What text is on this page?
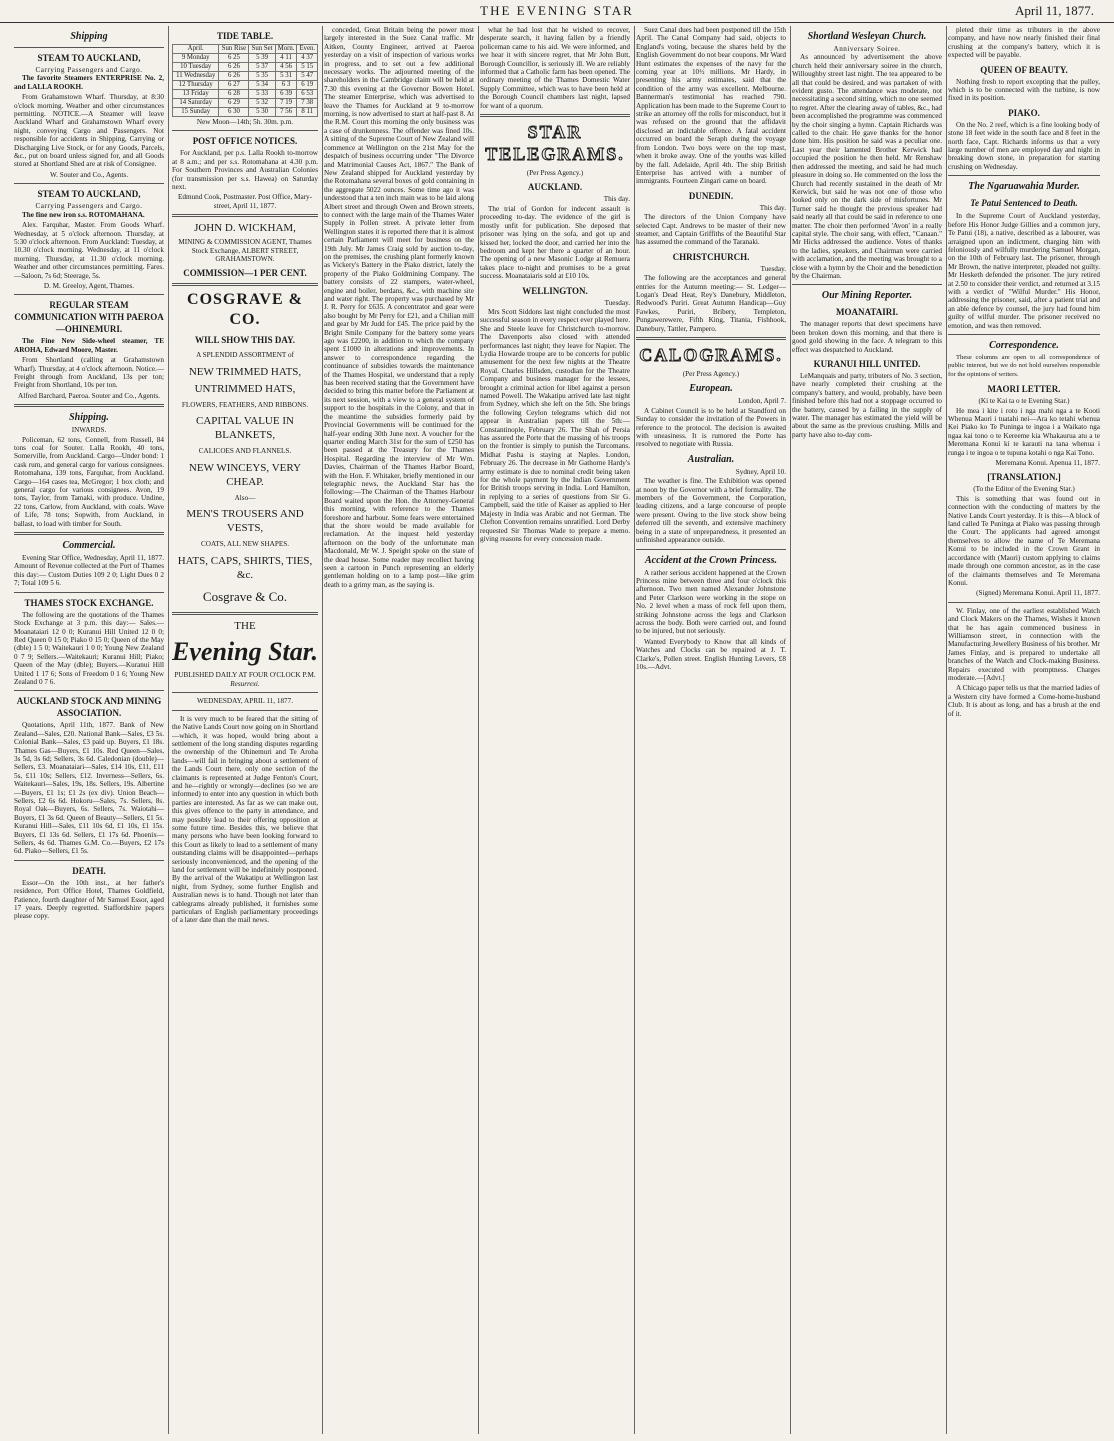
THE EVENING STAR	April 11, 1877.
Shipping
STEAM TO AUCKLAND,
Carrying Passengers and Cargo.

The favorite Steamers ENTERPRISE No. 2, and LALLA ROOKH.

From Grahamstown Wharf. Thursday, at 8:30 o'clock morning. Weather and other circumstances permitting. NOTICE.—A Steamer will leave Auckland Wharf and Grahamstown Wharf every night, conveying Cargo and Passengers. Not responsible for accidents in Shipping, Carrying or Discharging Live Stock, or for any Goods, Parcels, &c., put on board unless signed for, and all Goods stored at Shortland Shed are at risk of Consignee.

W. Souter and Co., Agents.
STEAM TO AUCKLAND,
Carrying Passengers and Cargo.

The fine new iron s.s. ROTOMAHANA.

Alex. Farquhar, Master. From Goods Wharf. Wednesday, at 5 o'clock afternoon. Thursday, at 5:30 o'clock afternoon. From Auckland: Tuesday, at 10.30 o'clock morning. Wednesday, at 11 o'clock morning. Thursday, at 11.30 o'clock morning. Weather and other circumstances permitting. Fares.—Saloon, 7s 6d; Steerage, 5s.

D. M. Greeloy, Agent, Thames.
REGULAR STEAM COMMUNICATION WITH PAEROA—OHINEMURI.

The Fine New Side-wheel steamer, TE AROHA, Edward Moore, Master.

From Shortland (calling at Grahamstown Wharf). Thursday, at 4 o'clock afternoon. Notice.—Freight through from Auckland, 13s per ton; Freight from Shortland, 10s per ton.

Alfred Barchard, Paeroa. Souter and Co., Agents.
Shipping.
INWARDS.

Policeman, 62 tons, Connell, from Russell, 84 tons coal for Souter. Lalla Rookh, 40 tons, Somerville, from Auckland. Cargo—Under bond: 1 cask rum, and general cargo for various consignees. Rotomahana, 139 tons, Farquhar, from Auckland. Cargo—164 cases tea, McGregor; 1 box cloth; and general cargo for various consignees. Avon, 19 tons, Taylor, from Tamaki, with produce. Undine, 22 tons, Carlow, from Auckland, with coals. Wave of Life, 78 tons; Sopwith, from Auckland, in ballast, to load with timber for South.

Commercial.

Evening Star Office, Wednesday, April 11, 1877. Amount of Revenue collected at the Port of Thames this day:— Custom Duties 109 2 0; Light Dues 0 2 7; Total 109 5 6.

THAMES STOCK EXCHANGE.

The following are the quotations of the Thames Stock Exchange at 3 p.m. this day:— Sales.—Moanataiari 12 0 0; Kuranui Hill United 12 0 0; Red Queen 0 15 0; Piako 0 15 0; Queen of the May (dble) 1 5 0; Waitekauri 1 0 0; Young New Zealand 0 7 9; Sellers.—Waitekauri; Kuranui Hill; Piako; Queen of the May (dble); Buyers.—Kuranui Hill United 1 17 6; Sons of Freedom 0 1 6; Young New Zealand 0 7 6.

AUCKLAND STOCK AND MINING ASSOCIATION.

Quotations, April 11th, 1877. Bank of New Zealand—Sales, £20. National Bank—Sales, £3 5s. Colonial Bank—Sales, £3 paid up. Buyers, £1 18s. Thames Gas—Buyers, £1 10s. Red Queen—Sales, 3s 5d, 3s 6d; Sellers, 3s 6d. Caledonian (double)—Sellers, £3. Moanataiari—Sales, £14 10s, £11, £11 5s, £11 10s; Sellers, £12. Inverness—Sellers, 6s. Waitekauri—Sales, 19s, 18s. Sellers, 19s. Albertine—Buyers, £1 1s; £1 2s (ex div). Union Beach—Sellers, £2 6s 6d. Hokoru—Sales, 7s. Sellers, 8s. Royal Oak—Buyers, 6s. Sellers, 7s. Waiotahi—Buyers, £1 3s 6d. Queen of Beauty—Sellers, £1 5s. Kuranui Hill—Sales, £11 10s 6d, £1 10s, £1 15s. Buyers, £1 13s 6d. Sellers, £1 17s 6d. Phoenix—Sellers, 4s 6d. Thames G.M. Co.—Buyers, £2 17s 6d. Piako—Sellers, £1 5s.

DEATH.

Essor—On the 10th inst., at her father's residence, Port Office Hotel, Thames Goldfield, Patience, fourth daughter of Mr Samuel Essor, aged 17 years. Deeply regretted. Staffordshire papers please copy.

TIDE TABLE.
April.	Sun Rise	Sun Set	Morn.	Even.
9 Monday	6 25	5 39	4 11	4 37
10 Tuesday	6 26	5 37	4 56	5 15
11 Wednesday	6 26	5 35	5 31	5 47
12 Thursday	6 27	5 34	6 3	6 19
13 Friday	6 28	5 33	6 39	6 53
14 Saturday	6 29	5 32	7 19	7 38
15 Sunday	6 30	5 30	7 56	8 11
New Moon—14th; 5h. 30m. p.m.
POST OFFICE NOTICES.

For Auckland, per p.s. Lalla Rookh to-morrow at 8 a.m.; and per s.s. Rotomahana at 4.30 p.m. For Southern Provinces and Australian Colonies (for transmission per s.s. Hawea) on Saturday next.

Edmund Cook, Postmaster. Post Office, Mary-street, April 11, 1877.
JOHN D. WICKHAM,
MINING & COMMISSION AGENT, Thames Stock Exchange, ALBERT STREET, GRAHAMSTOWN.
COMMISSION—1 PER CENT.
COSGRAVE & CO.
WILL SHOW THIS DAY.
A SPLENDID ASSORTMENT of
NEW TRIMMED HATS,
UNTRIMMED HATS,
FLOWERS, FEATHERS, AND RIBBONS.
CAPITAL VALUE IN BLANKETS,
CALICOES AND FLANNELS.
NEW WINCEYS, VERY CHEAP.
Also—
MEN'S TROUSERS AND VESTS,
COATS, ALL NEW SHAPES.
HATS, CAPS, SHIRTS, TIES, &c.
Cosgrave & Co.
THE
Evening Star.
PUBLISHED DAILY AT FOUR O'CLOCK P.M.
Resurrexi.
WEDNESDAY, APRIL 11, 1877.

It is very much to be feared that the sitting of the Native Lands Court now going on in Shortland—which, it was hoped, would bring about a settlement of the long standing disputes regarding the ownership of the Ohinemuri and Te Aroha lands—will fail in bringing about a settlement of the Lands Court there, only one section of the claimants is represented at Judge Fenton's Court, and he—rightly or wrongly—declines (so we are informed) to enter into any question in which both parties are interested. As far as we can make out, this gives offence to the party in attendance, and may possibly lead to their offering opposition at some future time. Besides this, we believe that many persons who have been looking forward to this Court as likely to lead to a settlement of many outstanding claims will be disappointed—perhaps seriously inconvenienced, and the opening of the land for settlement will be indefinitely postponed. By the arrival of the Wakatipu at Wellington last night, from Sydney, some further English and Australian news is to hand. Though not later than cablegrams already published, it furnishes some particulars of English parliamentary proceedings of a later date than the mail news.

conceded, Great Britain being the power most largely interested in the Suez Canal traffic. Mr Aitken, County Engineer, arrived at Paeroa yesterday on a visit of inspection of various works in progress, and to set out a few additional necessary works. The adjourned meeting of the shareholders in the Cambridge claim will be held at 7.30 this evening at the Governor Bowen Hotel. The steamer Enterprise, which was advertised to leave the Thames for Auckland at 9 to-morrow morning, is now advertised to start at half-past 8. At the R.M. Court this morning the only business was a case of drunkenness. The offender was fined 10s. A sitting of the Supreme Court of New Zealand will commence at Wellington on the 21st May for the despatch of business occurring under "The Divorce and Matrimonial Causes Act, 1867." The Bank of New Zealand shipped for Auckland yesterday by the Rotomahana several boxes of gold containing in the aggregate 5022 ounces. Some time ago it was understood that a ten inch main was to be laid along Albert street and through Owen and Brown streets, to connect with the large main of the Thames Water Supply in Pollen street. A private letter from Wellington states it is reported there that it is almost certain Parliament will meet for business on the 19th July. Mr James Craig sold by auction to-day, on the premises, the crushing plant formerly known as Vickery's Battery in the Piako district, lately the property of the Piako Goldmining Company. The battery consists of 22 stampers, water-wheel, engine and boiler, berdans, &c., with machine site and water right. The property was purchased by Mr J. R. Perry for £635. A concentrator and gear were also bought by Mr Perry for £21, and a Chilian mill and gear by Mr Judd for £45. The price paid by the Bright Smile Company for the battery some years ago was £2200, in addition to which the company spent £1000 in alterations and improvements. In answer to correspondence regarding the continuance of subsidies towards the maintenance of the Thames Hospital, we understand that a reply has been received stating that the Government have decided to bring this matter before the Parliament at its next session, with a view to a general system of support to the hospitals in the Colony, and that in the meantime the subsidies formerly paid by Provincial Governments will be continued for the half-year ending 30th June next. A voucher for the quarter ending March 31st for the sum of £250 has been passed at the Treasury for the Thames Hospital. Regarding the interview of Mr Wm. Davies, Chairman of the Thames Harbor Board, with the Hon. F. Whitaker, briefly mentioned in our telegraphic news, the Auckland Star has the following:—The Chairman of the Thames Harbour Board waited upon the Hon. the Attorney-General this morning, with reference to the Thames foreshore and harbour. Some fears were entertained that the shore would be made available for reclamation. At the inquest held yesterday afternoon on the body of the unfortunate man Macdonald, Mr W. J. Speight spoke on the state of the dead house. Some reader may recollect having seen a cartoon in Punch representing an elderly gentleman holding on to a lamp post—like grim death to a grimy man, as the saying is.

what he had lost that he wished to recover, desperate search, it having fallen by a friendly policeman came to his aid. We were informed, and we hear it with sincere regret, that Mr John Butt, Borough Councillor, is seriously ill. We are reliably informed that a Catholic farm has been opened. The ordinary meeting of the Thames Domestic Water Supply Committee, which was to have been held at the Borough Council chambers last night, lapsed for want of a quorum.

STAR TELEGRAMS.
(Per Press Agency.)
AUCKLAND.
This day.

The trial of Gordon for indecent assault is proceeding to-day. The evidence of the girl is mostly unfit for publication. She deposed that prisoner was lying on the sofa, and got up and kissed her, locked the door, and carried her into the bedroom and kept her there a quarter of an hour. The opening of a new Masonic Lodge at Remuera takes place to-night and promises to be a great success. Moanataiaris sold at £10 10s.

WELLINGTON.
Tuesday.

Mrs Scott Siddons last night concluded the most successful season in every respect ever played here. She and Steele leave for Christchurch to-morrow. The Davenports also closed with attended performances last night; they leave for Napier. The Lydia Howarde troupe are to be concerts for public amusement for the next few nights at the Theatre Royal. Charles Hillsden, custodian for the Theatre Company and business manager for the lessees, brought a criminal action for libel against a person named Powell. The Wakatipu arrived late last night from Sydney, which she left on the 5th. She brings the following Ceylon telegrams which did not appear in Australian papers till the 5th:— Constantinople, February 26. The Shah of Persia has assured the Porte that the massing of his troops on the frontier is simply to punish the Turcomans. Midhat Pasha is staying at Naples. London, February 26. The decrease in Mr Gathorne Hardy's army estimate is due to nominal credit being taken for the whole payment by the Indian Government for British troops serving in India. Lord Hamilton, in replying to a series of questions from Sir G. Campbell, said the title of Kaiser as applied to Her Majesty in India was Arabic and not German. The Clefton Convention remains unratified. Lord Derby requested Sir Thomas Wade to prepare a memo. giving reasons for every concession made.

Suez Canal dues had been postponed till the 15th April. The Canal Company had said, objects to England's voting, because the shares held by the English Government do not bear coupons. Mr Ward Hunt estimates the expenses of the navy for the coming year at 10½ millions. Mr Hardy, in presenting his army estimates, said that the condition of the army was excellent. Melbourne. Bannerman's testimonial has reached 790. Application has been made to the Supreme Court to strike an attorney off the rolls for misconduct, but it was refused on the ground that the affidavit disclosed an indictable offence. A fatal accident occurred on board the Seraph during the voyage from London. Two boys were on the top mast, when it broke away. One of the youths was killed by the fall. Adelaide, April 4th. The ship British Enterprise has arrived with a number of immigrants. Fourteen Zingari came on board.

DUNEDIN.
This day.

The directors of the Union Company have selected Capt. Andrews to be master of their new steamer, and Captain Griffiths of the Beautiful Star has assumed the command of the Taranaki.

CHRISTCHURCH.
Tuesday.

The following are the acceptances and general entries for the Autumn meeting:— St. Ledger—Logan's Dead Heat, Rey's Danebury, Middleton, Redwood's Puriri. Great Autumn Handicap—Guy Fawkes, Puriri, Bribery, Templeton, Pungawerewere, Fifth King, Titania, Fishhook, Danebury, Tattler, Pampero.

CALOGRAMS.
(Per Press Agency.)
European.
London, April 7.

A Cabinet Council is to be held at Standford on Sunday to consider the invitation of the Powers in reference to the protocol. The decision is awaited with uneasiness. It is rumored the Porte has resolved to negotiate with Russia.

Australian.
Sydney, April 10.

The weather is fine. The Exhibition was opened at noon by the Governor with a brief formality. The members of the Government, the Corporation, leading citizens, and a large concourse of people were present. Owing to the live stock show being deferred till the seventh, and extensive machinery being in a state of unpreparedness, it presented an unfinished appearance outside.

Accident at the Crown Princess.

A rather serious accident happened at the Crown Princess mine between three and four o'clock this afternoon. Two men named Alexander Johnstone and Peter Clarkson were working in the stope on No. 2 level when a mass of rock fell upon them, striking Johnstone across the legs and Clarkson across the body. Both were carried out, and found to be injured, but not seriously.

Wanted Everybody to Know that all kinds of Watches and Clocks can be repaired at J. T. Clarke's, Pollen street. English Hunting Levers, £8 10s.—Advt.

Shortland Wesleyan Church.
Anniversary Soiree.

As announced by advertisement the above church held their anniversary soiree in the church, Willoughby street last night. The tea appeared to be all that could be desired, and was partaken of with evident gusto. The attendance was moderate, not necessitating a second sitting, which no one seemed to regret. After the clearing away of tables, &c., had been accomplished the programme was commenced by the choir singing a hymn. Captain Richards was called to the chair. He gave thanks for the honor done him. His position he said was a peculiar one. Last year their lamented Brother Kerwick had occupied the position he then held. Mr Renshaw then addressed the meeting, and said he had much pleasure in doing so. He commented on the loss the Church had recently sustained in the death of Mr Kerwick, but said he was not one of those who looked only on the dark side of misfortunes. Mr Turner said he thought the previous speaker had said nearly all that could be said in reference to one matter. The choir then performed 'Avon' in a really capital style. The choir sang, with effect, "Canaan." Mr Hicks addressed the audience. Votes of thanks to the ladies, speakers, and Chairman were carried with acclamation, and the meeting was brought to a close with a hymn by the Choir and the benediction by the Chairman.

Our Mining Reporter.
MOANATAIRI.

The manager reports that dewt specimens have been broken down this morning, and that there is good gold showing in the face. A telegram to this effect was despatched to Auckland.

KURANUI HILL UNITED.

LeManquais and party, tributers of No. 3 section, have nearly completed their crushing at the company's battery, and would, probably, have been finished before this had not a stoppage occurred to the battery, caused by a failing in the supply of water. The manager has estimated the yield will be about the same as the previous crushing. Mills and party have also to-day com-

pleted their time as tributers in the above company, and have now nearly finished their final crushing at the company's battery, which it is expected will be payable.

QUEEN OF BEAUTY.

Nothing fresh to report excepting that the pulley, which is to be connected with the turbine, is now fixed in its position.

PIAKO.

On the No. 2 reef, which is a fine looking body of stone 18 feet wide in the south face and 8 feet in the north face, Capt. Richards informs us that a very large number of men are employed day and night in breaking down stone, in preparation for starting crushing on Wednesday.

The Ngaruawahia Murder.
Te Patui Sentenced to Death.

In the Supreme Court of Auckland yesterday, before His Honor Judge Gillies and a common jury, Te Patui (18), a native, described as a labourer, was arraigned upon an indictment, charging him with feloniously and wilfully murdering Samuel Morgan, on the 10th of February last. The prisoner, through Mr Brown, the native interpreter, pleaded not guilty. Mr Hesketh defended the prisoner. The jury retired at 2.50 to consider their verdict, and returned at 3.15 with a verdict of "Wilful Murder." His Honor, addressing the prisoner, said, after a patient trial and an able defence by counsel, the jury had found him guilty of wilful murder. The prisoner received no emotion, and was then removed.

Correspondence.

These columns are open to all correspondence of public interest, but we do not hold ourselves responsible for the opinions of writers.

MAORI LETTER.
(Ki te Kai ta o te Evening Star.)

He mea i kite i roto i nga mahi nga a te Kooti Whenua Maori i tuatahi nei—Ara ko tetahi whenua Kei Piako ko Te Puninga te ingoa i a Waikato nga ngaa kai tono o te Kereeme kia Whakaurua atu a te Meremana Konui ki te karauti na tana whenua i runga i te ingoa o te tupuna kotahi o nga Kai Tono.

Meremana Konui. Apenua 11, 1877.
[TRANSLATION.]
(To the Editor of the Evening Star.)

This is something that was found out in connection with the conducting of matters by the Native Lands Court yesterday. It is this—A block of land called Te Puninga at Piako was passing through the Court. The applicants had agreed amongst themselves to allow the name of Te Meremana Konui to be included in the Crown Grant in accordance with (Maori) custom applying to claims made through one common ancestor, as in the case of the claimants themselves and Te Meremana Konui.

(Signed) Meremana Konui. April 11, 1877.

W. Finlay, one of the earliest established Watch and Clock Makers on the Thames, Wishes it known that he has again commenced business in Williamson street, in connection with the Manufacturing Jewellery Business of his brother. Mr James Finlay, and is prepared to undertake all branches of the Watch and Clock-making Business. Repairs executed with promptness. Charges moderate.—[Advt.]

A Chicago paper tells us that the married ladies of a Western city have formed a Come-home-husband Club. It is about as long, and has a brush at the end of it.
